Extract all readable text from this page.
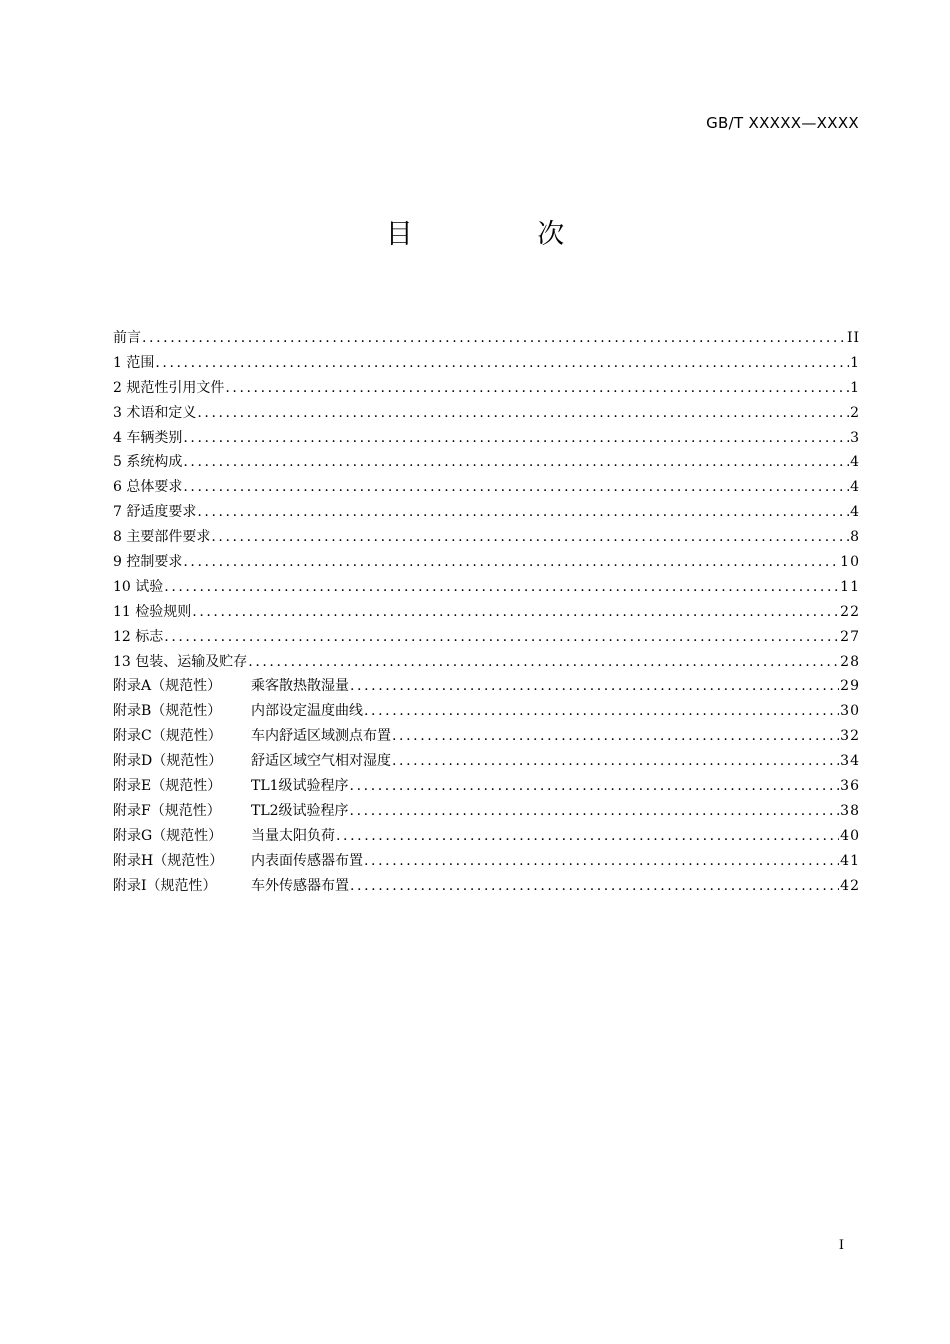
GB/T XXXXX—XXXX
目 次
前言 .....	II
1 范围 .....	1
2 规范性引用文件 .....	1
3 术语和定义 .....	2
4 车辆类别 .....	3
5 系统构成 .....	4
6 总体要求 .....	4
7 舒适度要求 .....	4
8 主要部件要求 .....	8
9 控制要求 .....	10
10 试验 .....	11
11 检验规则 .....	22
12 标志 .....	27
13 包装、运输及贮存 .....	28
附录A（规范性） 乘客散热散湿量 .....	29
附录B（规范性） 内部设定温度曲线 .....	30
附录C（规范性） 车内舒适区域测点布置 .....	32
附录D（规范性） 舒适区域空气相对湿度 .....	34
附录E（规范性） TL1级试验程序 .....	36
附录F（规范性） TL2级试验程序 .....	38
附录G（规范性） 当量太阳负荷 .....	40
附录H（规范性） 内表面传感器布置 .....	41
附录I（规范性） 车外传感器布置 .....	42
I
